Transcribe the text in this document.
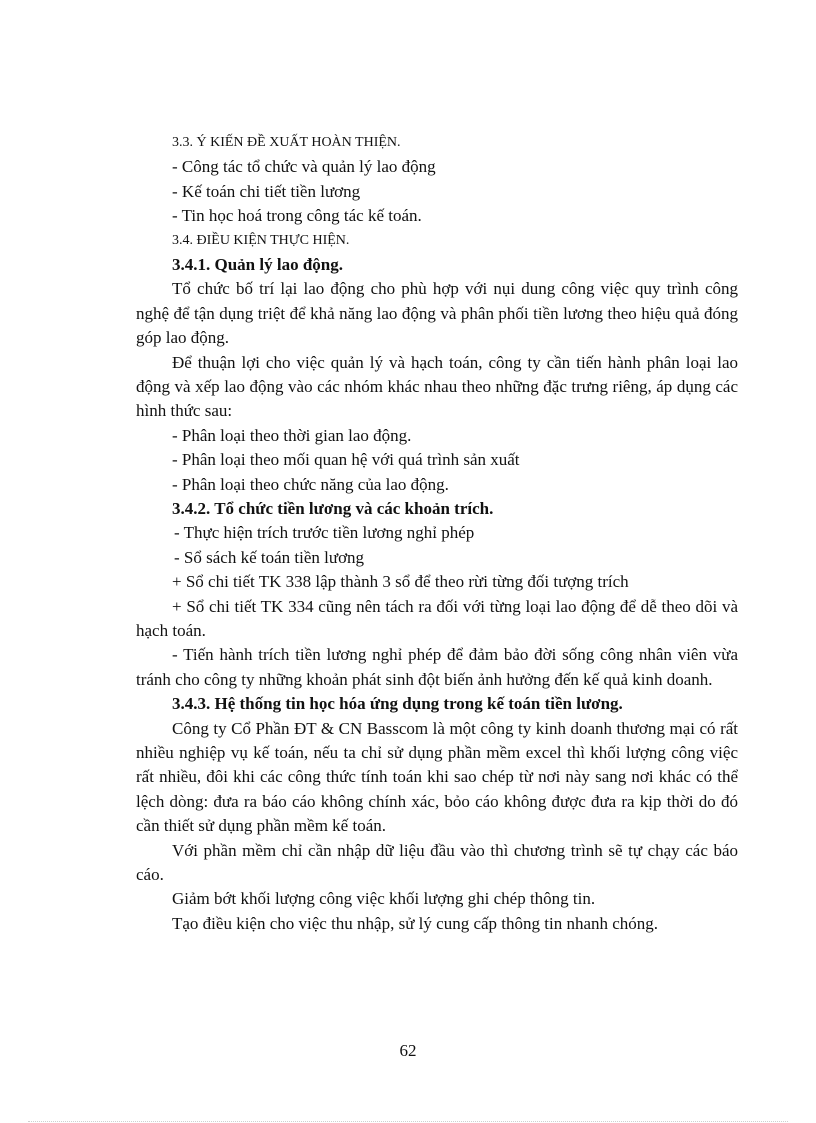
3.3. Ý KIẾN ĐỀ XUẤT HOÀN THIỆN.
- Công tác tổ chức và quản lý lao động
- Kế toán chi tiết tiền lương
- Tin học hoá trong công tác kế toán.
3.4. ĐIỀU KIỆN THỰC HIỆN.
3.4.1. Quản lý lao động.

Tổ chức bố trí lại lao động cho phù hợp với nụi dung công việc quy trình công nghệ để tận dụng triệt để khả năng lao động và phân phối tiền lương theo hiệu quả đóng góp lao động.

Để thuận lợi cho việc quản lý và hạch toán, công ty cần tiến hành phân loại lao động và xếp lao động vào các nhóm khác nhau theo những đặc trưng riêng, áp dụng các hình thức sau:

- Phân loại theo thời gian lao động.
- Phân loại theo mối quan hệ với quá trình sản xuất
- Phân loại theo chức năng của lao động.
3.4.2. Tổ chức tiền lương và các khoản trích.
- Thực hiện trích trước tiền lương nghỉ phép
- Sổ sách kế toán tiền lương

+ Sổ chi tiết TK 338 lập thành 3 sổ để theo rừi từng đối tượng trích

+ Sổ chi tiết TK 334 cũng nên tách ra đối với từng loại lao động để dễ theo dõi và hạch toán.

- Tiến hành trích tiền lương nghỉ phép để đảm bảo đời sống công nhân viên vừa tránh cho công ty những khoản phát sinh đột biến ảnh hưởng đến kế quả kinh doanh.

3.4.3. Hệ thống tin học hóa ứng dụng trong kế toán tiền lương.

Công ty Cổ Phần ĐT & CN Basscom là một công ty kinh doanh thương mại có rất nhiều nghiệp vụ kế toán, nếu ta chỉ sử dụng phần mềm excel thì khối lượng công việc rất nhiều, đôi khi các công thức tính toán khi sao chép từ nơi này sang nơi khác có thể lệch dòng: đưa ra báo cáo không chính xác, bỏo cáo không được đưa ra kịp thời do đó cần thiết sử dụng phần mềm kế toán.

Với phần mềm chỉ cần nhập dữ liệu đầu vào thì chương trình sẽ tự chạy các báo cáo.

Giảm bớt khối lượng công việc khối lượng ghi chép thông tin.

Tạo điều kiện cho việc thu nhập, sử lý cung cấp thông tin nhanh chóng.

62
